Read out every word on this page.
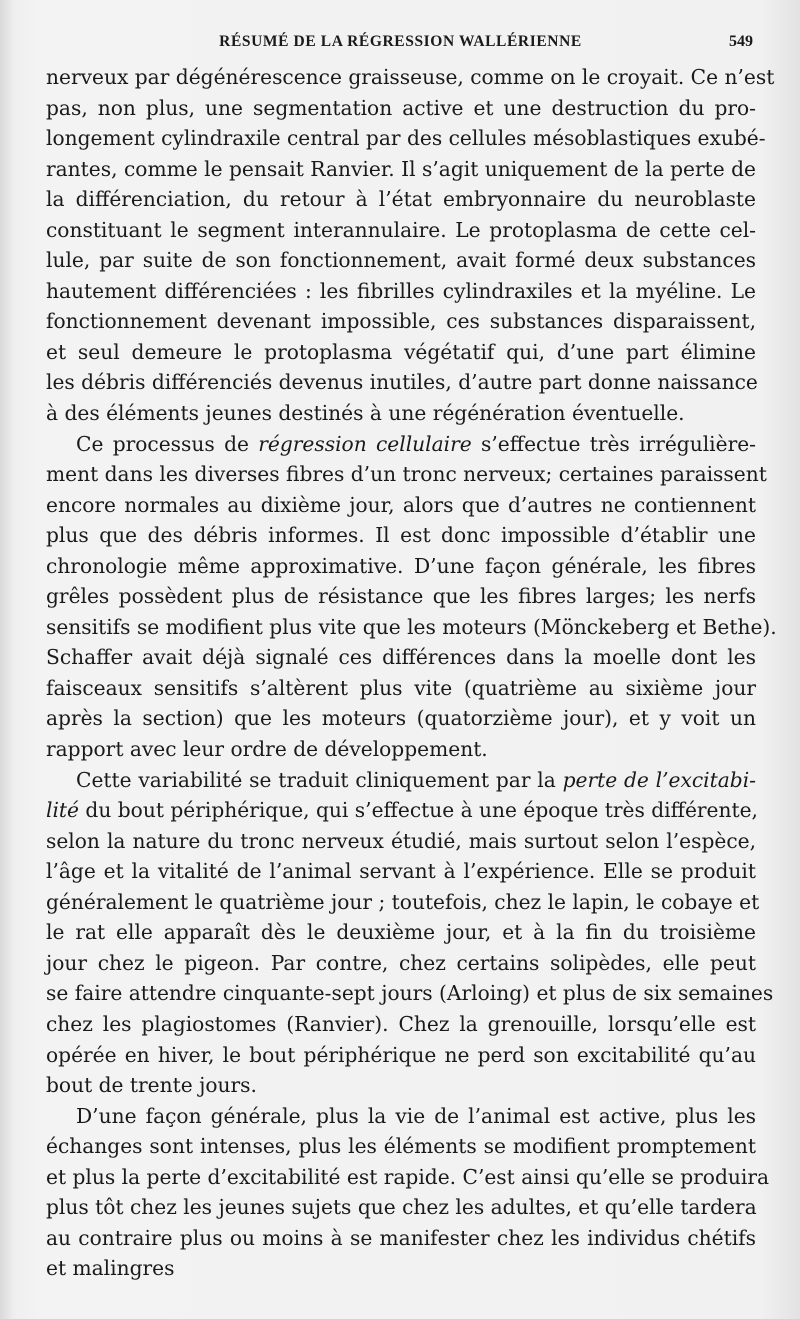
RÉSUMÉ DE LA RÉGRESSION WALLÉRIENNE	549
nerveux par dégénérescence graisseuse, comme on le croyait. Ce n’est
pas, non plus, une segmentation active et une destruction du pro-
longement cylindraxile central par des cellules mésoblastiques exubé-
rantes, comme le pensait Ranvier. Il s’agit uniquement de la perte de
la différenciation, du retour à l’état embryonnaire du neuroblaste
constituant le segment interannulaire. Le protoplasma de cette cel-
lule, par suite de son fonctionnement, avait formé deux substances
hautement différenciées : les fibrilles cylindraxiles et la myéline. Le
fonctionnement devenant impossible, ces substances disparaissent,
et seul demeure le protoplasma végétatif qui, d’une part élimine
les débris différenciés devenus inutiles, d’autre part donne naissance
à des éléments jeunes destinés à une régénération éventuelle.
Ce processus de régression cellulaire s’effectue très irrégulière-
ment dans les diverses fibres d’un tronc nerveux; certaines paraissent
encore normales au dixième jour, alors que d’autres ne contiennent
plus que des débris informes. Il est donc impossible d’établir une
chronologie même approximative. D’une façon générale, les fibres
grêles possèdent plus de résistance que les fibres larges; les nerfs
sensitifs se modifient plus vite que les moteurs (Mönckeberg et Bethe).
Schaffer avait déjà signalé ces différences dans la moelle dont les
faisceaux sensitifs s’altèrent plus vite (quatrième au sixième jour
après la section) que les moteurs (quatorzième jour), et y voit un
rapport avec leur ordre de développement.
Cette variabilité se traduit cliniquement par la perte de l’excitabi-
lité du bout périphérique, qui s’effectue à une époque très différente,
selon la nature du tronc nerveux étudié, mais surtout selon l’espèce,
l’âge et la vitalité de l’animal servant à l’expérience. Elle se produit
généralement le quatrième jour ; toutefois, chez le lapin, le cobaye et
le rat elle apparaît dès le deuxième jour, et à la fin du troisième
jour chez le pigeon. Par contre, chez certains solipèdes, elle peut
se faire attendre cinquante-sept jours (Arloing) et plus de six semaines
chez les plagiostomes (Ranvier). Chez la grenouille, lorsqu’elle est
opérée en hiver, le bout périphérique ne perd son excitabilité qu’au
bout de trente jours.
D’une façon générale, plus la vie de l’animal est active, plus les
échanges sont intenses, plus les éléments se modifient promptement
et plus la perte d’excitabilité est rapide. C’est ainsi qu’elle se produira
plus tôt chez les jeunes sujets que chez les adultes, et qu’elle tardera
au contraire plus ou moins à se manifester chez les individus chétifs
et malingres
